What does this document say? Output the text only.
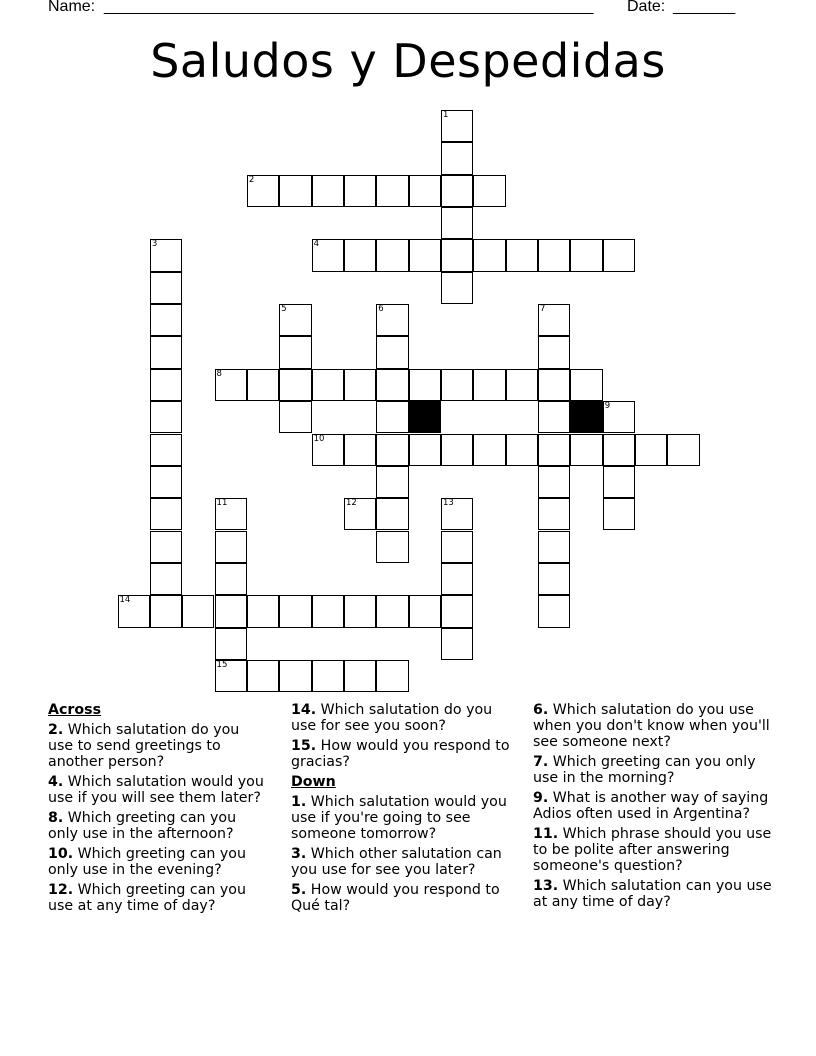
Name: _______________________________________________________ Date: _______
Saludos y Despedidas
2
4
8
10
12
14
15
1
3
5	6	7
9
11	13
Across
2. Which salutation do you use to send greetings to another person?
4. Which salutation would you use if you will see them later?
8. Which greeting can you only use in the afternoon?
10. Which greeting can you only use in the evening?
12. Which greeting can you use at any time of day?
14. Which salutation do you use for see you soon?
15. How would you respond to gracias?
Down
1. Which salutation would you use if you're going to see someone tomorrow?
3. Which other salutation can you use for see you later?
5. How would you respond to Qué tal?
6. Which salutation do you use when you don't know when you'll see someone next?
7. Which greeting can you only use in the morning?
9. What is another way of saying Adios often used in Argentina?
11. Which phrase should you use to be polite after answering someone's question?
13. Which salutation can you use at any time of day?
